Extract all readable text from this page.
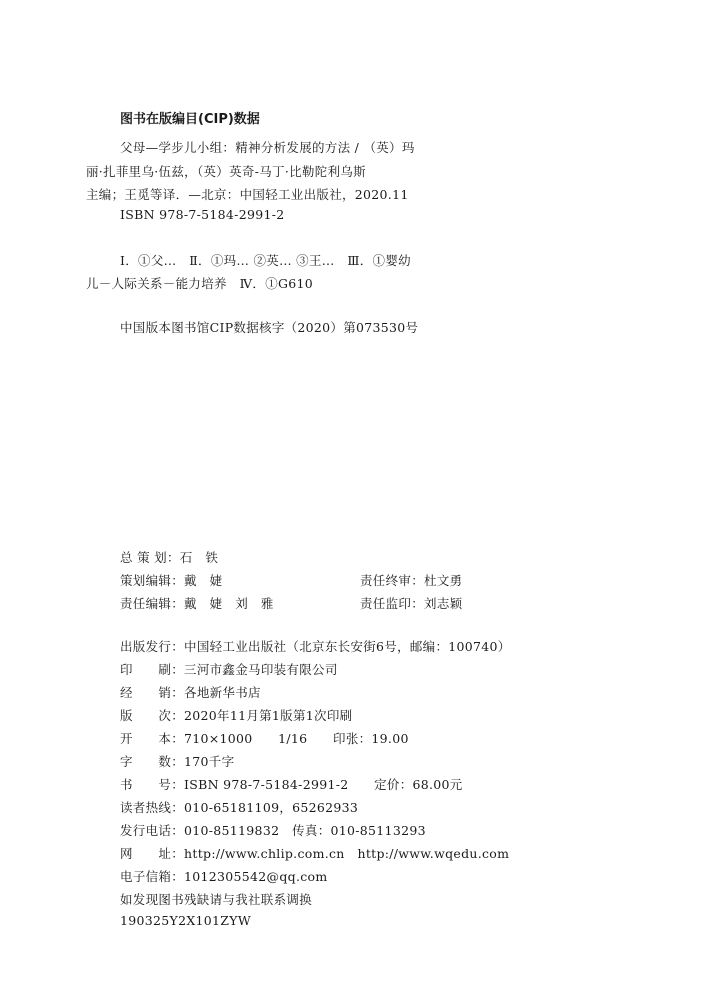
图书在版编目(CIP)数据
父母—学步儿小组：精神分析发展的方法 / （英）玛
丽·扎菲里乌·伍兹，（英）英奇-马丁·比勒陀利乌斯
主编；王觅等译．—北京：中国轻工业出版社，2020.11
ISBN 978-7-5184-2991-2
Ⅰ．①父…　Ⅱ．①玛… ②英… ③王…　Ⅲ．①婴幼
儿－人际关系－能力培养　Ⅳ．①G610
中国版本图书馆CIP数据核字（2020）第073530号
总 策 划：石　铁
策划编辑：戴　婕	责任终审：杜文勇
责任编辑：戴　婕　刘　雅	责任监印：刘志颖
出版发行：中国轻工业出版社（北京东长安街6号，邮编：100740）
印　　刷：三河市鑫金马印装有限公司
经　　销：各地新华书店
版　　次：2020年11月第1版第1次印刷
开　　本：710×1000　　1/16　　印张：19.00
字　　数：170千字
书　　号：ISBN 978-7-5184-2991-2　　定价：68.00元
读者热线：010-65181109，65262933
发行电话：010-85119832　传真：010-85113293
网　　址：http://www.chlip.com.cn　http://www.wqedu.com
电子信箱：1012305542@qq.com
如发现图书残缺请与我社联系调换
190325Y2X101ZYW
